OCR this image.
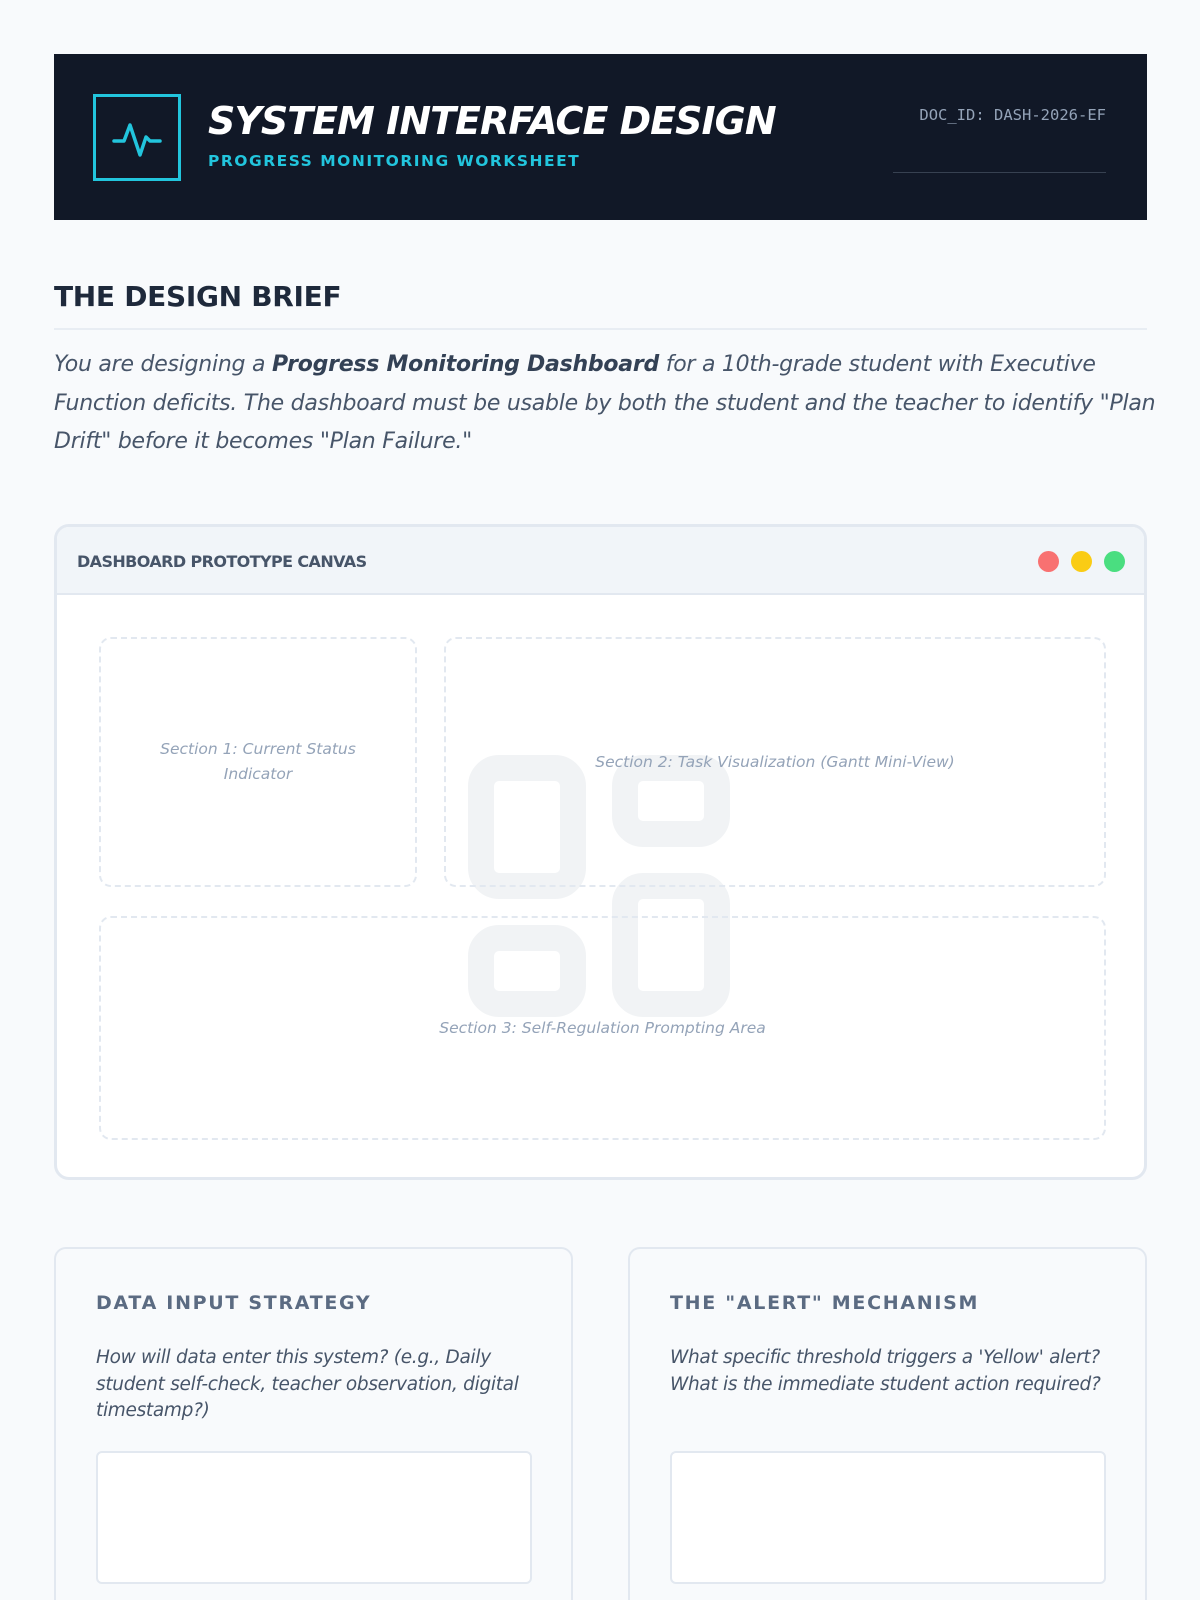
SYSTEM INTERFACE DESIGN
PROGRESS MONITORING WORKSHEET
DOC_ID: DASH-2026-EF
THE DESIGN BRIEF

You are designing a Progress Monitoring Dashboard for a 10th-grade student with Executive Function deficits. The dashboard must be usable by both the student and the teacher to identify "Plan Drift" before it becomes "Plan Failure."

DASHBOARD PROTOTYPE CANVAS
Section 1: Current Status Indicator
Section 2: Task Visualization (Gantt Mini-View)
Section 3: Self-Regulation Prompting Area
DATA INPUT STRATEGY
How will data enter this system? (e.g., Daily student self-check, teacher observation, digital timestamp?)
THE "ALERT" MECHANISM
What specific threshold triggers a 'Yellow' alert? What is the immediate student action required?
